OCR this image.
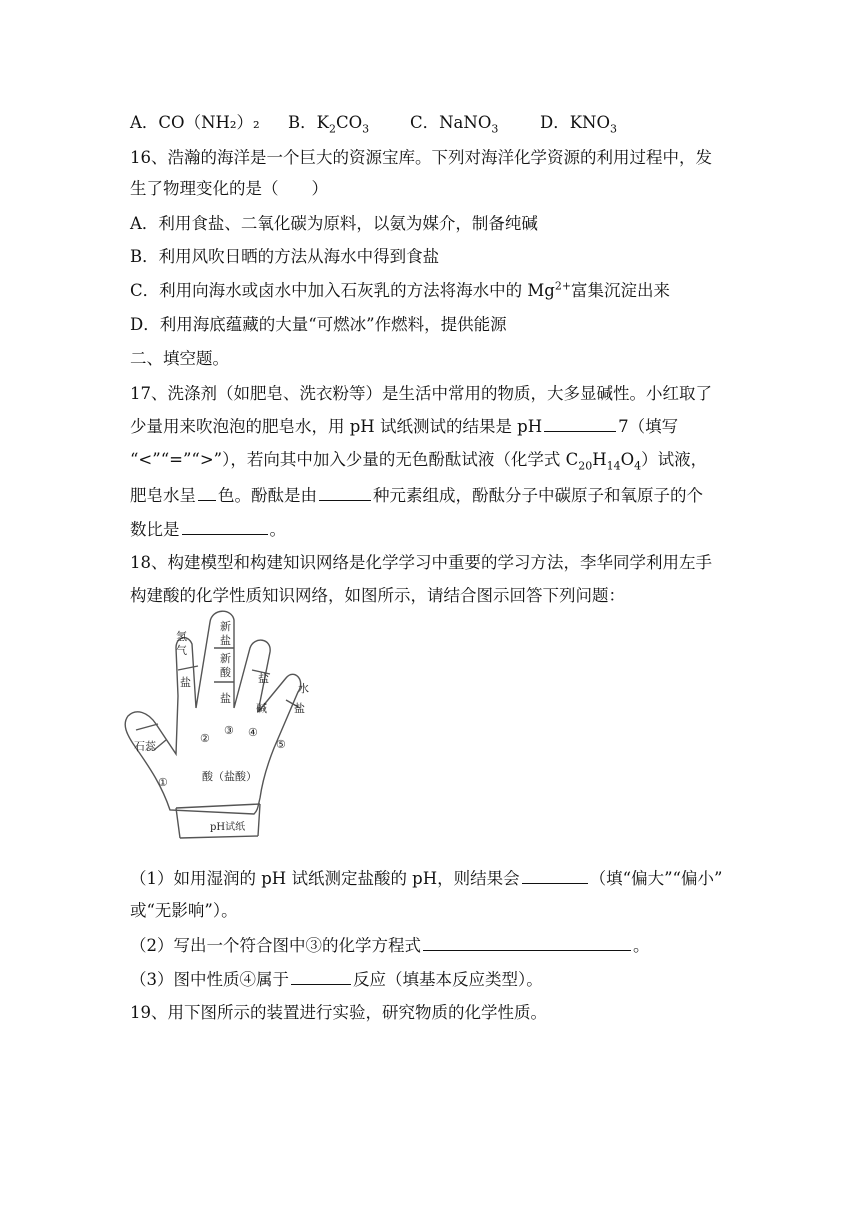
A．CO（NH₂）₂ B．$K_2CO_3$ C．NaNO$_3$	D．$KNO_3$
16、浩瀚的海洋是一个巨大的资源宝库。下列对海洋化学资源的利用过程中，发
生了物理变化的是（　　）
A．利用食盐、二氧化碳为原料，以氨为媒介，制备纯碱
B．利用风吹日晒的方法从海水中得到食盐
C．利用向海水或卤水中加入石灰乳的方法将海水中的 $Mg^{2+}$富集沉淀出来
D．利用海底蕴藏的大量“可燃冰”作燃料，提供能源
二、填空题。
17、洗涤剂（如肥皂、洗衣粉等）是生活中常用的物质，大多显碱性。小红取了
少量用来吹泡泡的肥皂水，用 pH 试纸测试的结果是 pH	7（填写
“<”“=”“>”），若向其中加入少量的无色酚酞试液（化学式 $C_{20}H_{14}O_4$）试液，
肥皂水呈 色。酚酞是由	种元素组成，酚酞分子中碳原子和氧原子的个
数比是	。
18、构建模型和构建知识网络是化学学习中重要的学习方法，李华同学利用左手
构建酸的化学性质知识网络，如图所示，请结合图示回答下列问题：
石蕊
氢
气
盐
新
盐
新
酸
盐
盐
碱
水
盐
①
②
③ ④
⑤
酸（盐酸）
pH试纸
（1）如用湿润的 pH 试纸测定盐酸的 pH，则结果会	（填“偏大”“偏小”
或“无影响”）。
（2）写出一个符合图中③的化学方程式	。
（3）图中性质④属于	反应（填基本反应类型）。
19、用下图所示的装置进行实验，研究物质的化学性质。
